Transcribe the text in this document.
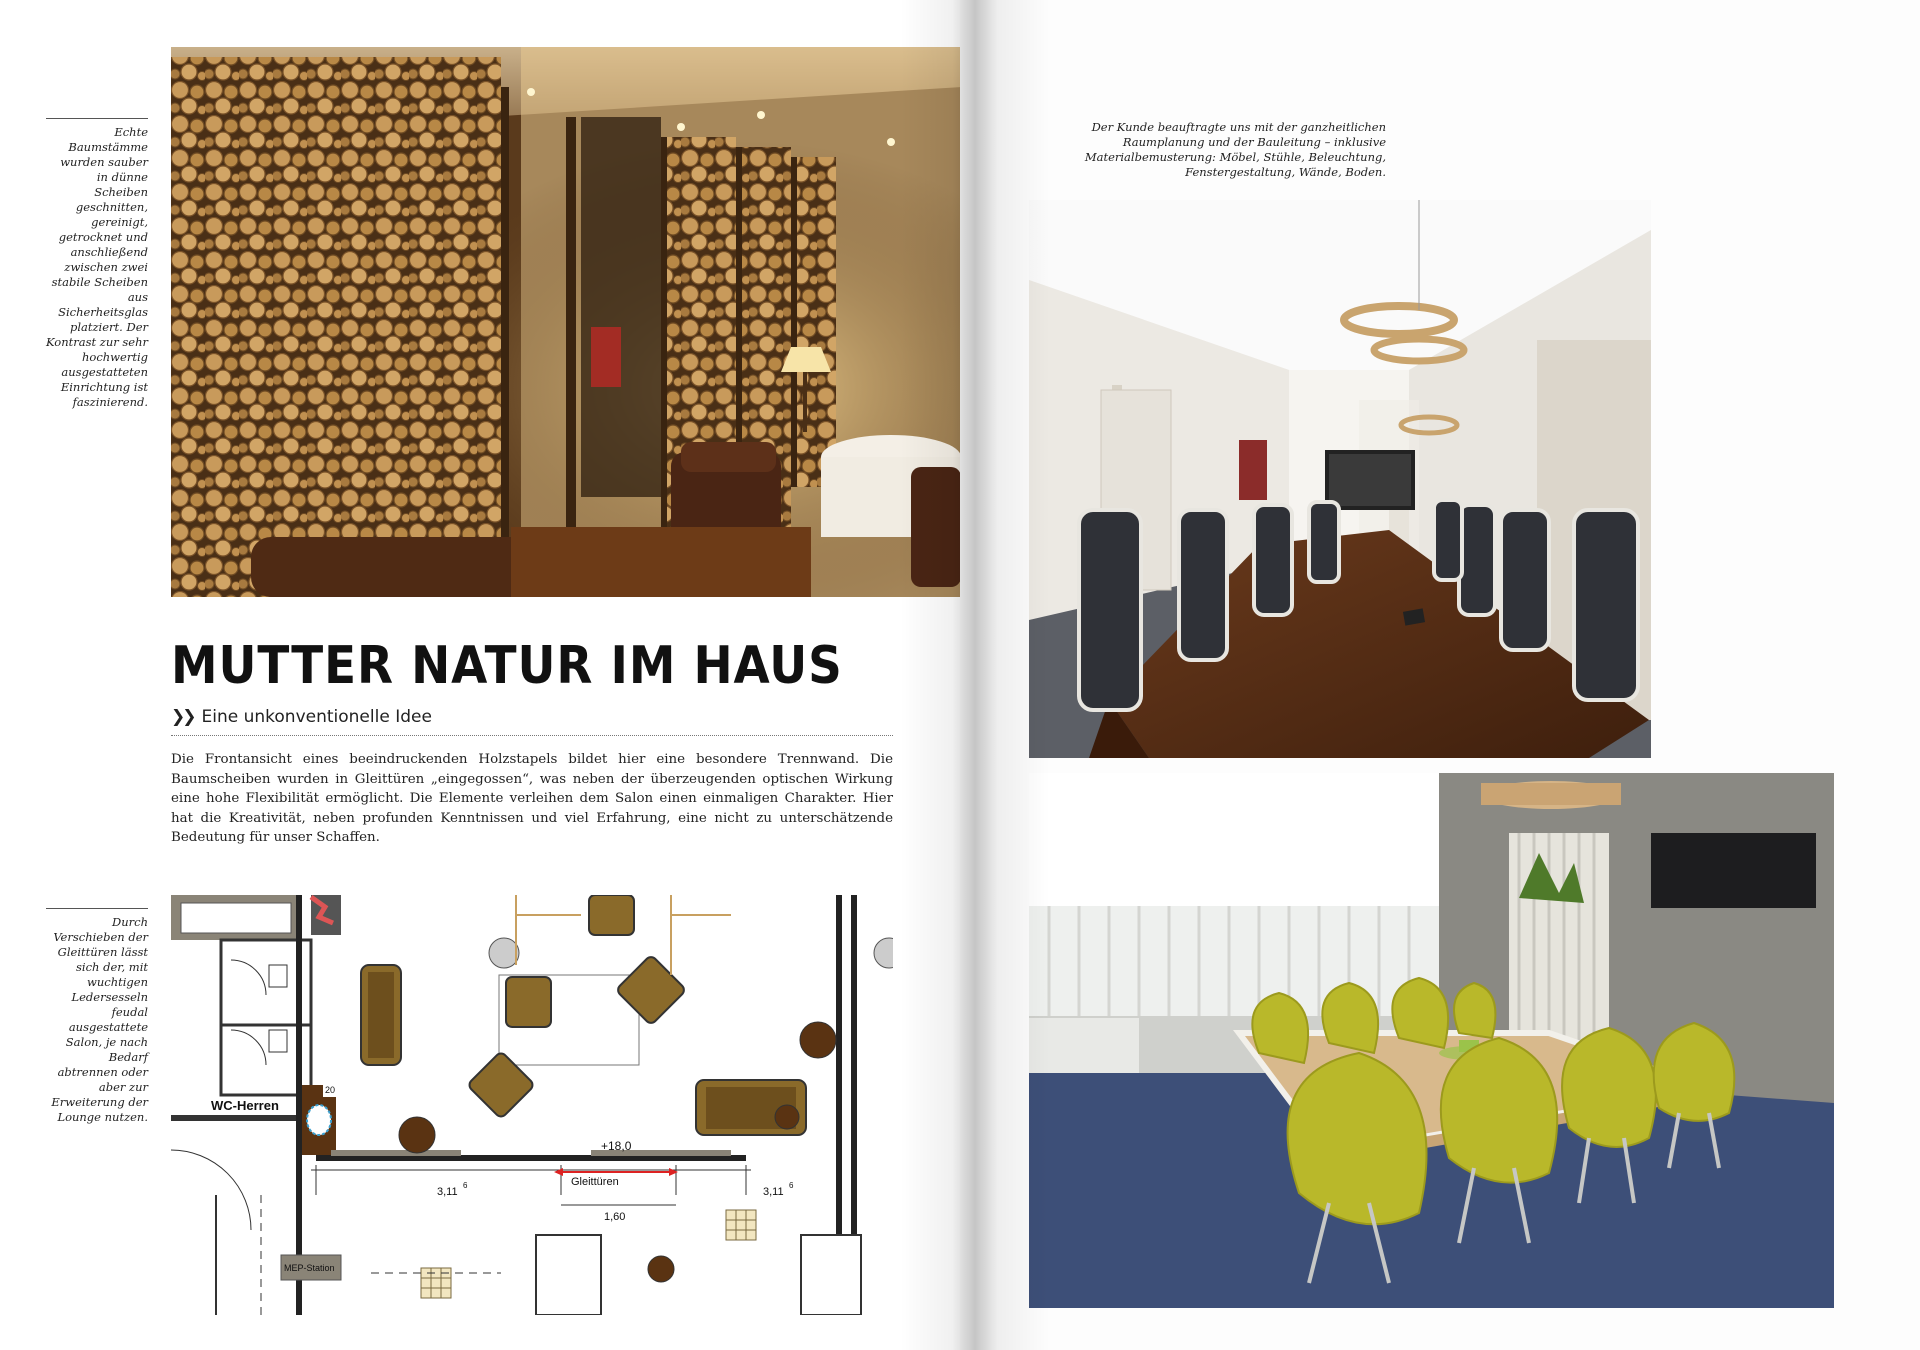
Echte Baumstämme wurden sauber in dünne Scheiben geschnitten, gereinigt, getrocknet und anschließend zwischen zwei stabile Scheiben aus Sicherheitsglas platziert. Der Kontrast zur sehr hochwertig ausgestatteten Einrichtung ist faszinierend.
MUTTER NATUR IM HAUS
❯❯ Eine unkonventionelle Idee
Die Frontansicht eines beeindruckenden Holzstapels bildet hier eine besondere Trennwand. Die Baumscheiben wurden in Gleittüren „eingegossen“, was neben der überzeugenden optischen Wirkung eine hohe Flexibilität ermöglicht. Die Elemente verleihen dem Salon einen einmaligen Charakter. Hier hat die Kreativität, neben profunden Kenntnissen und viel Erfahrung, eine nicht zu unterschätzende Bedeutung für unser Schaffen.
Durch Verschieben der Gleittüren lässt sich der, mit wuchtigen Ledersesseln feudal ausgestattete Salon, je nach Bedarf abtrennen oder aber zur Erweiterung der Lounge nutzen.
WC-Herren
20
+18,0
Gleittüren
3,11
6
3,11
6
1,60
MEP-Station
Der Kunde beauftragte uns mit der ganzheitlichen Raumplanung und der Bauleitung – inklusive Materialbemusterung: Möbel, Stühle, Beleuchtung, Fenstergestaltung, Wände, Boden.
